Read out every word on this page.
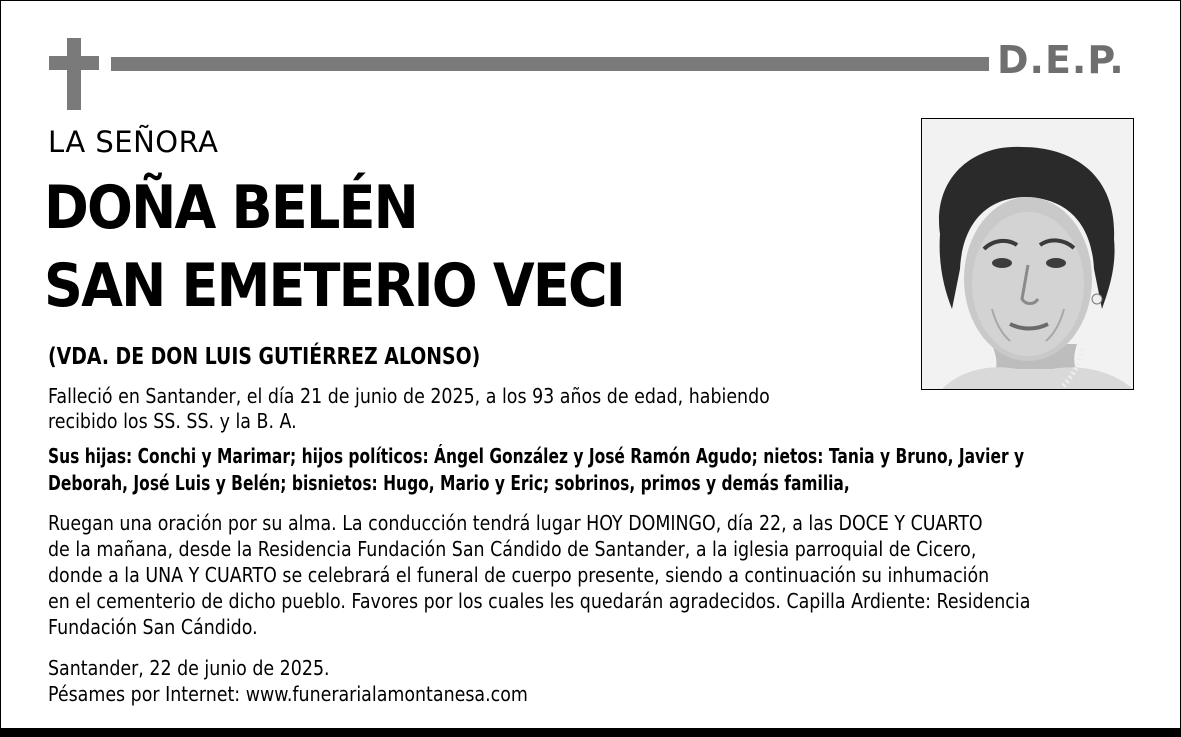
D.E.P.
LA SEÑORA
DOÑA BELÉN
SAN EMETERIO VECI
(VDA. DE DON LUIS GUTIÉRREZ ALONSO)
Falleció en Santander, el día 21 de junio de 2025, a los 93 años de edad, habiendo
recibido los SS. SS. y la B. A.
Sus hijas: Conchi y Marimar; hijos políticos: Ángel González y José Ramón Agudo; nietos: Tania y Bruno, Javier y
Deborah, José Luis y Belén; bisnietos: Hugo, Mario y Eric; sobrinos, primos y demás familia,
Ruegan una oración por su alma. La conducción tendrá lugar HOY DOMINGO, día 22, a las DOCE Y CUARTO
de la mañana, desde la Residencia Fundación San Cándido de Santander, a la iglesia parroquial de Cicero,
donde a la UNA Y CUARTO se celebrará el funeral de cuerpo presente, siendo a continuación su inhumación
en el cementerio de dicho pueblo. Favores por los cuales les quedarán agradecidos. Capilla Ardiente: Residencia
Fundación San Cándido.
Santander, 22 de junio de 2025.
Pésames por Internet: www.funerarialamontanesa.com
